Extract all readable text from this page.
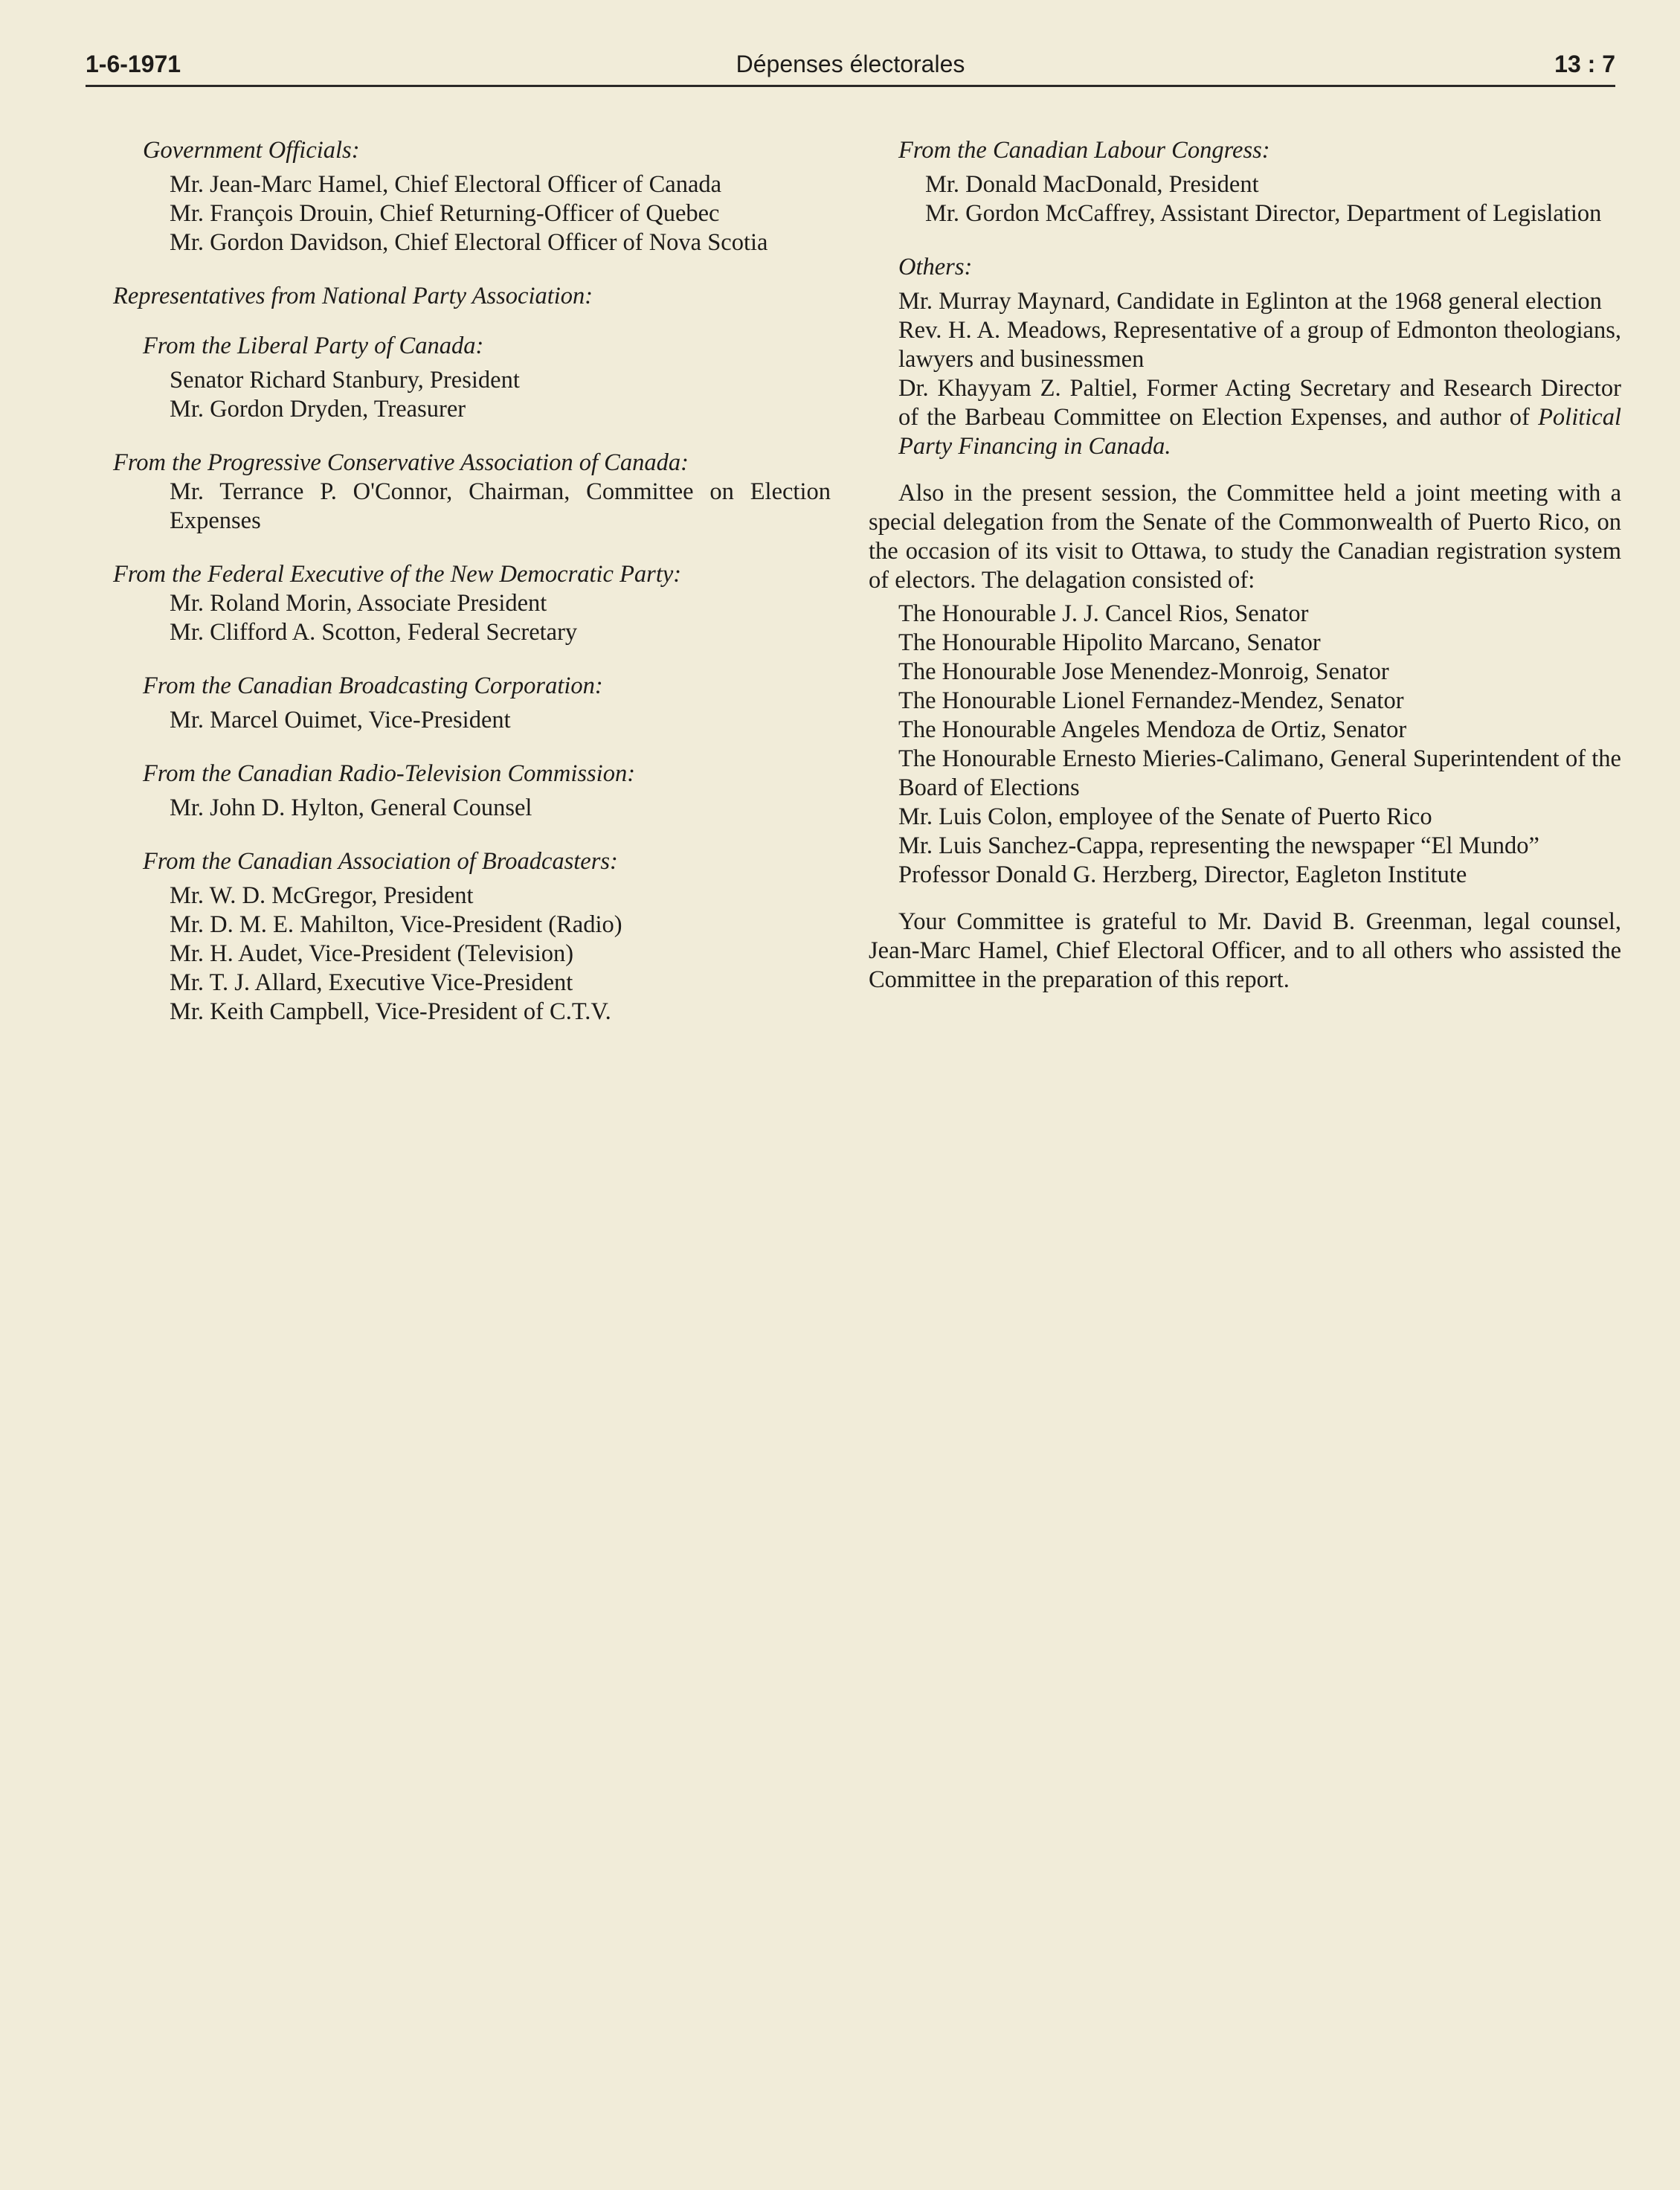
1-6-1971	Dépenses électorales	13 : 7

Government Officials:

Mr. Jean-Marc Hamel, Chief Electoral Officer of Canada

Mr. François Drouin, Chief Returning-Officer of Quebec

Mr. Gordon Davidson, Chief Electoral Officer of Nova Scotia

Representatives from National Party Association:

From the Liberal Party of Canada:

Senator Richard Stanbury, President

Mr. Gordon Dryden, Treasurer

From the Progressive Conservative Association of Canada:

Mr. Terrance P. O'Connor, Chairman, Committee on Election Expenses

From the Federal Executive of the New Democratic Party:

Mr. Roland Morin, Associate President

Mr. Clifford A. Scotton, Federal Secretary

From the Canadian Broadcasting Corporation:

Mr. Marcel Ouimet, Vice-President

From the Canadian Radio-Television Commission:

Mr. John D. Hylton, General Counsel

From the Canadian Association of Broadcasters:

Mr. W. D. McGregor, President

Mr. D. M. E. Mahilton, Vice-President (Radio)

Mr. H. Audet, Vice-President (Television)

Mr. T. J. Allard, Executive Vice-President

Mr. Keith Campbell, Vice-President of C.T.V.

From the Canadian Labour Congress:

Mr. Donald MacDonald, President

Mr. Gordon McCaffrey, Assistant Director, Department of Legislation

Others:

Mr. Murray Maynard, Candidate in Eglinton at the 1968 general election

Rev. H. A. Meadows, Representative of a group of Edmonton theologians, lawyers and businessmen

Dr. Khayyam Z. Paltiel, Former Acting Secretary and Research Director of the Barbeau Committee on Election Expenses, and author of Political Party Financing in Canada.

Also in the present session, the Committee held a joint meeting with a special delegation from the Senate of the Commonwealth of Puerto Rico, on the occasion of its visit to Ottawa, to study the Canadian registration system of electors. The delagation consisted of:

The Honourable J. J. Cancel Rios, Senator

The Honourable Hipolito Marcano, Senator

The Honourable Jose Menendez-Monroig, Senator

The Honourable Lionel Fernandez-Mendez, Senator

The Honourable Angeles Mendoza de Ortiz, Senator

The Honourable Ernesto Mieries-Calimano, General Superintendent of the Board of Elections

Mr. Luis Colon, employee of the Senate of Puerto Rico

Mr. Luis Sanchez-Cappa, representing the newspaper “El Mundo”

Professor Donald G. Herzberg, Director, Eagleton Institute

Your Committee is grateful to Mr. David B. Greenman, legal counsel, Jean-Marc Hamel, Chief Electoral Officer, and to all others who assisted the Committee in the preparation of this report.
